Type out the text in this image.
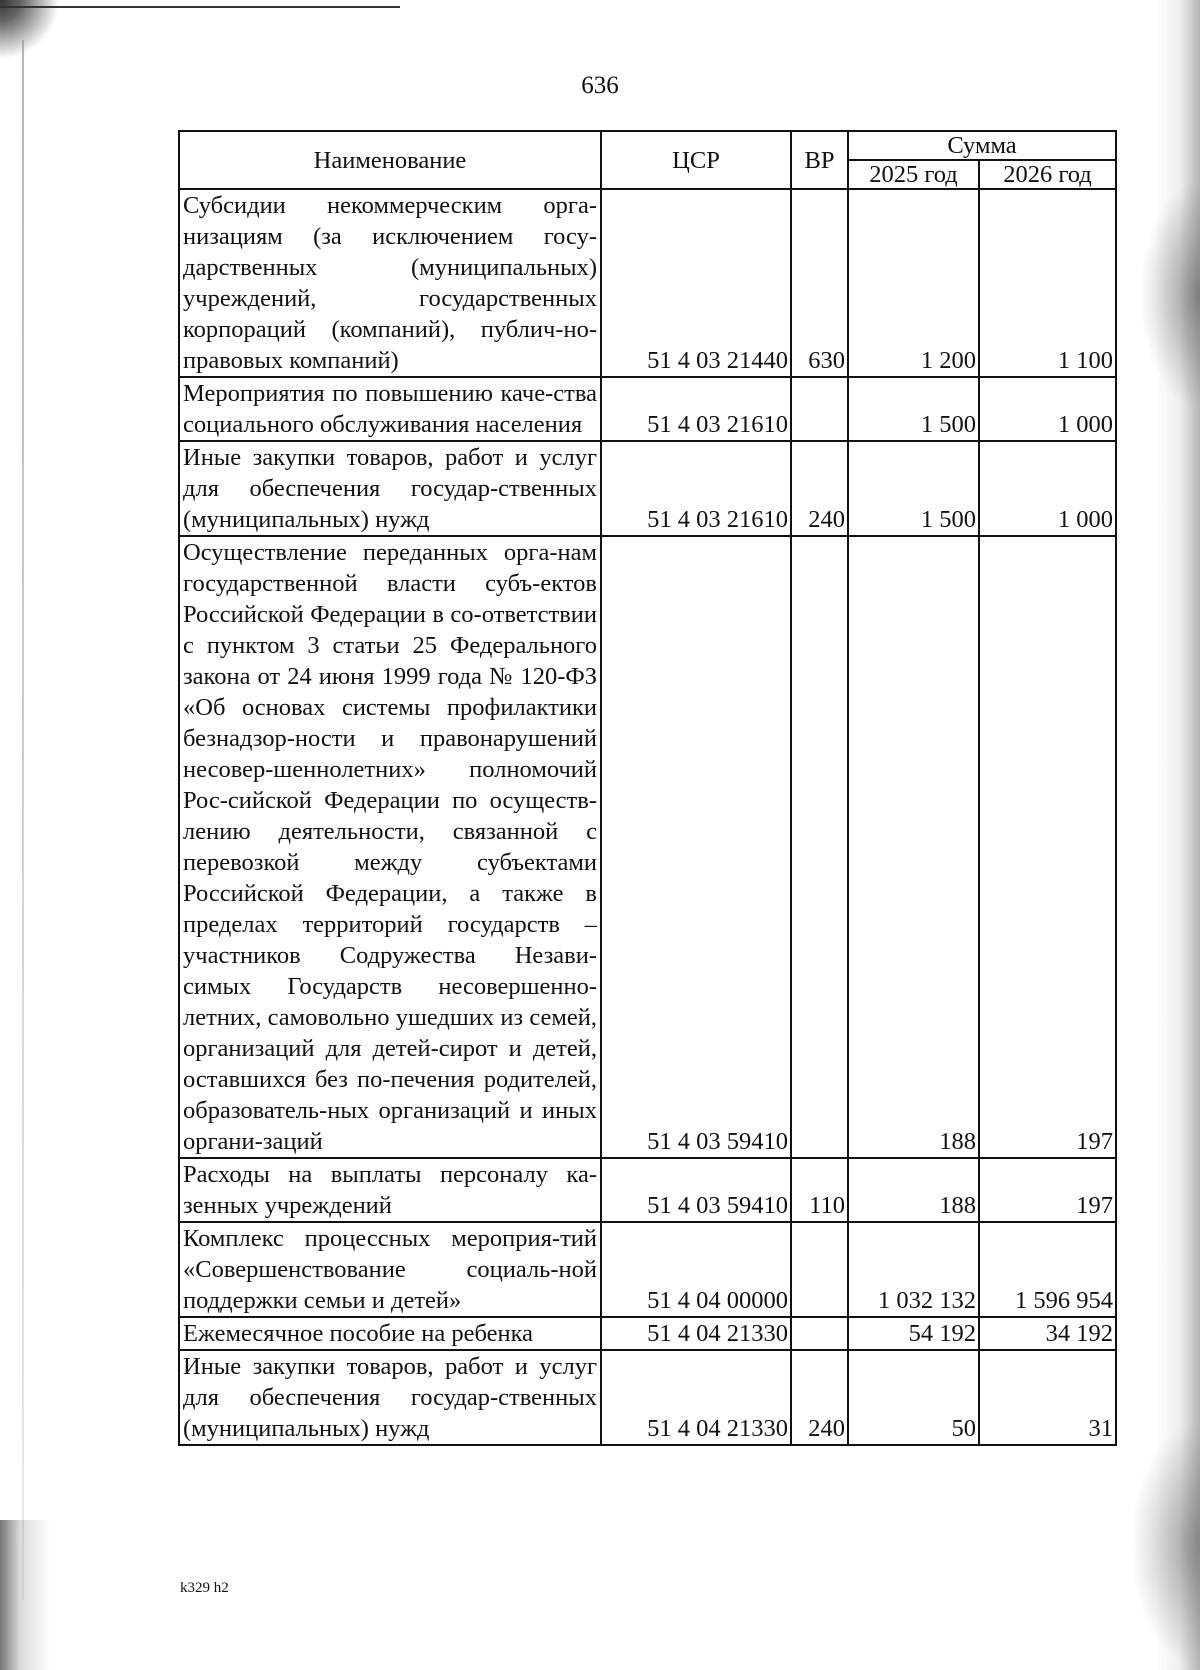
636
Наименование	ЦСР	ВР	Сумма	
			2025 год	2026 год
Субсидии некоммерческим орга-низациям (за исключением госу-дарственных (муниципальных) учреждений, государственных корпораций (компаний), публич-но-правовых компаний)	51 4 03 21440	630	1 200	1 100
Мероприятия по повышению каче-ства социального обслуживания населения	51 4 03 21610		1 500	1 000
Иные закупки товаров, работ и услуг для обеспечения государ-ственных (муниципальных) нужд	51 4 03 21610	240	1 500	1 000
Осуществление переданных орга-нам государственной власти субъ-ектов Российской Федерации в со-ответствии с пунктом 3 статьи 25 Федерального закона от 24 июня 1999 года № 120-ФЗ «Об основах системы профилактики безнадзор-ности и правонарушений несовер-шеннолетних» полномочий Рос-сийской Федерации по осуществ-лению деятельности, связанной с перевозкой между субъектами Российской Федерации, а также в пределах территорий государств – участников Содружества Незави-симых Государств несовершенно-летних, самовольно ушедших из семей, организаций для детей-сирот и детей, оставшихся без по-печения родителей, образователь-ных организаций и иных органи-заций	51 4 03 59410		188	197
Расходы на выплаты персоналу ка-зенных учреждений	51 4 03 59410	110	188	197
Комплекс процессных мероприя-тий «Совершенствование социаль-ной поддержки семьи и детей»	51 4 04 00000		1 032 132	1 596 954
Ежемесячное пособие на ребенка	51 4 04 21330		54 192	34 192
Иные закупки товаров, работ и услуг для обеспечения государ-ственных (муниципальных) нужд	51 4 04 21330	240	50	31
k329 h2
